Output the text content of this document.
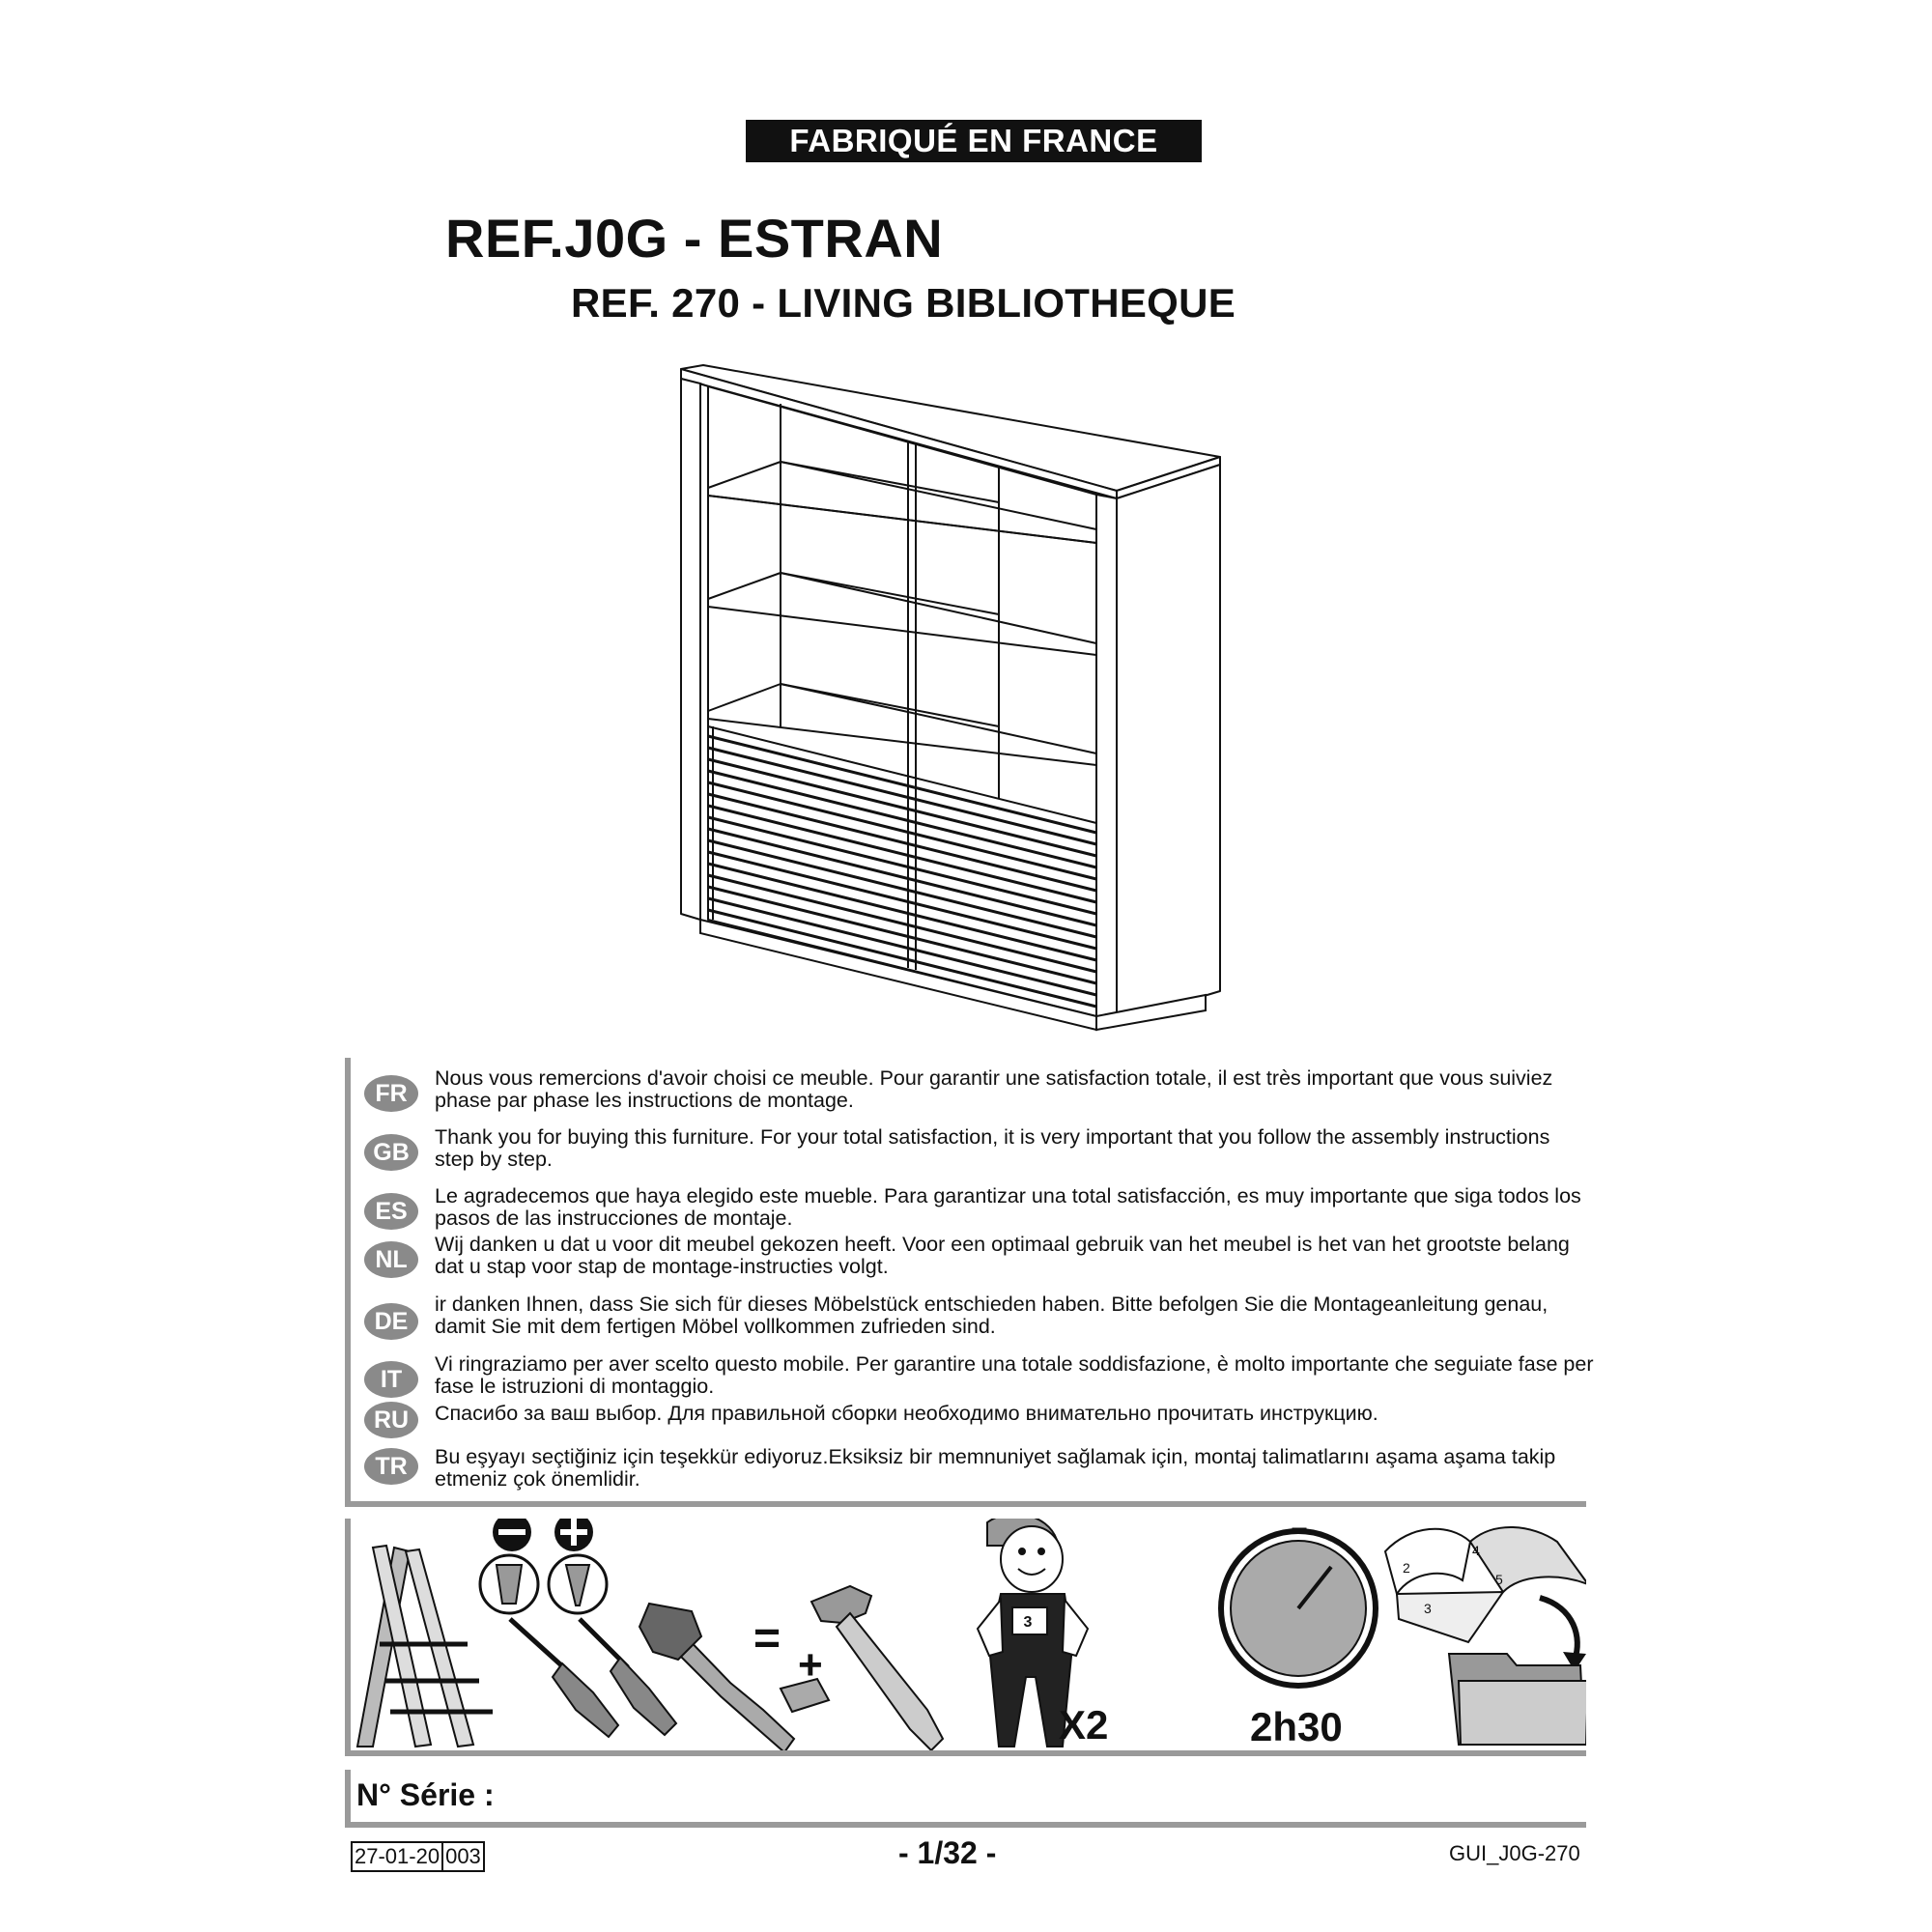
FABRIQUÉ EN FRANCE
REF.J0G - ESTRAN
REF. 270 - LIVING BIBLIOTHEQUE
FR
Nous vous remercions d'avoir choisi ce meuble. Pour garantir une satisfaction totale, il est très important que vous suiviez phase par phase les instructions de montage.
GB
Thank you for buying this furniture. For your total satisfaction, it is very important that you follow the assembly instructions step by step.
ES
Le agradecemos que haya elegido este mueble. Para garantizar una total satisfacción, es muy importante que siga todos los pasos de las instrucciones de montaje.
NL
Wij danken u dat u voor dit meubel gekozen heeft. Voor een optimaal gebruik van het meubel is het van het grootste belang dat u stap voor stap de montage-instructies volgt.
DE
ir danken Ihnen, dass Sie sich für dieses Möbelstück entschieden haben. Bitte befolgen Sie die Montageanleitung genau, damit Sie mit dem fertigen Möbel vollkommen zufrieden sind.
IT
Vi ringraziamo per aver scelto questo mobile. Per garantire una totale soddisfazione, è molto importante che seguiate fase per fase le istruzioni di montaggio.
RU	Спасибо за ваш выбор. Для правильной сборки необходимо внимательно прочитать инструкцию.
TR	Bu eşyayı seçtiğiniz için teşekkür ediyoruz.Eksiksiz bir memnuniyet sağlamak için, montaj talimatlarını aşama aşama takip etmeniz çok önemlidir.
=
+
3
X2	2h30
2
3
4
5
N° Série :
27-01-20 003	- 1/32 -	GUI_J0G-270
